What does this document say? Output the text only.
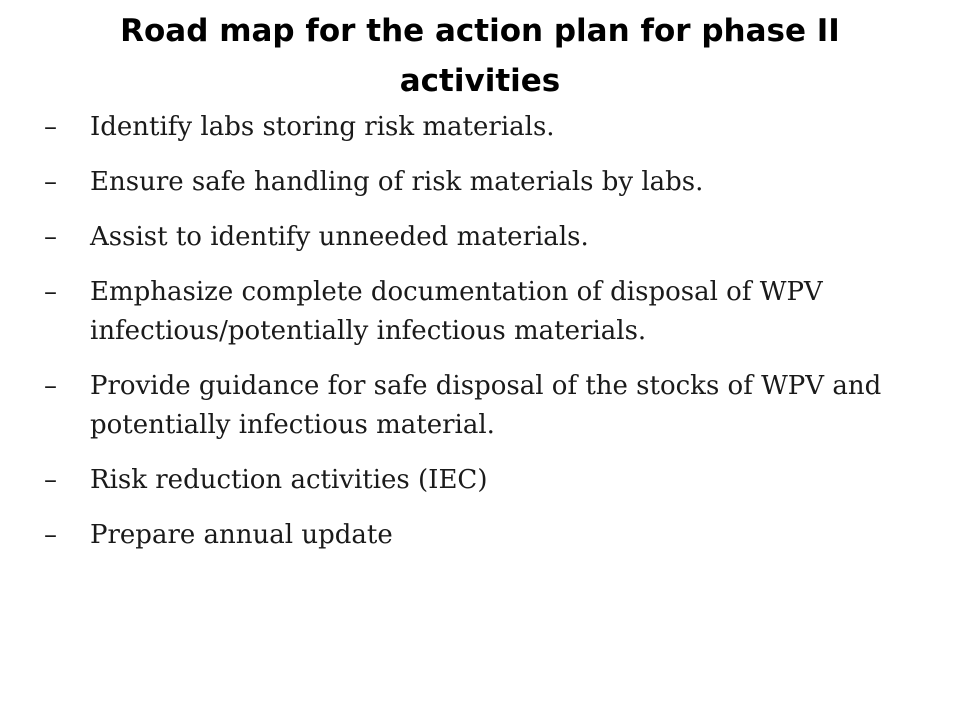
Road map for the action plan for phase II activities
–	Identify labs storing risk materials.
–	Ensure safe handling of risk materials by labs.
–	Assist to identify unneeded materials.
–	Emphasize complete documentation of disposal of WPV infectious/potentially infectious materials.
–	Provide guidance for safe disposal of the stocks of WPV and potentially infectious material.
–	Risk reduction activities (IEC)
–	Prepare annual update
